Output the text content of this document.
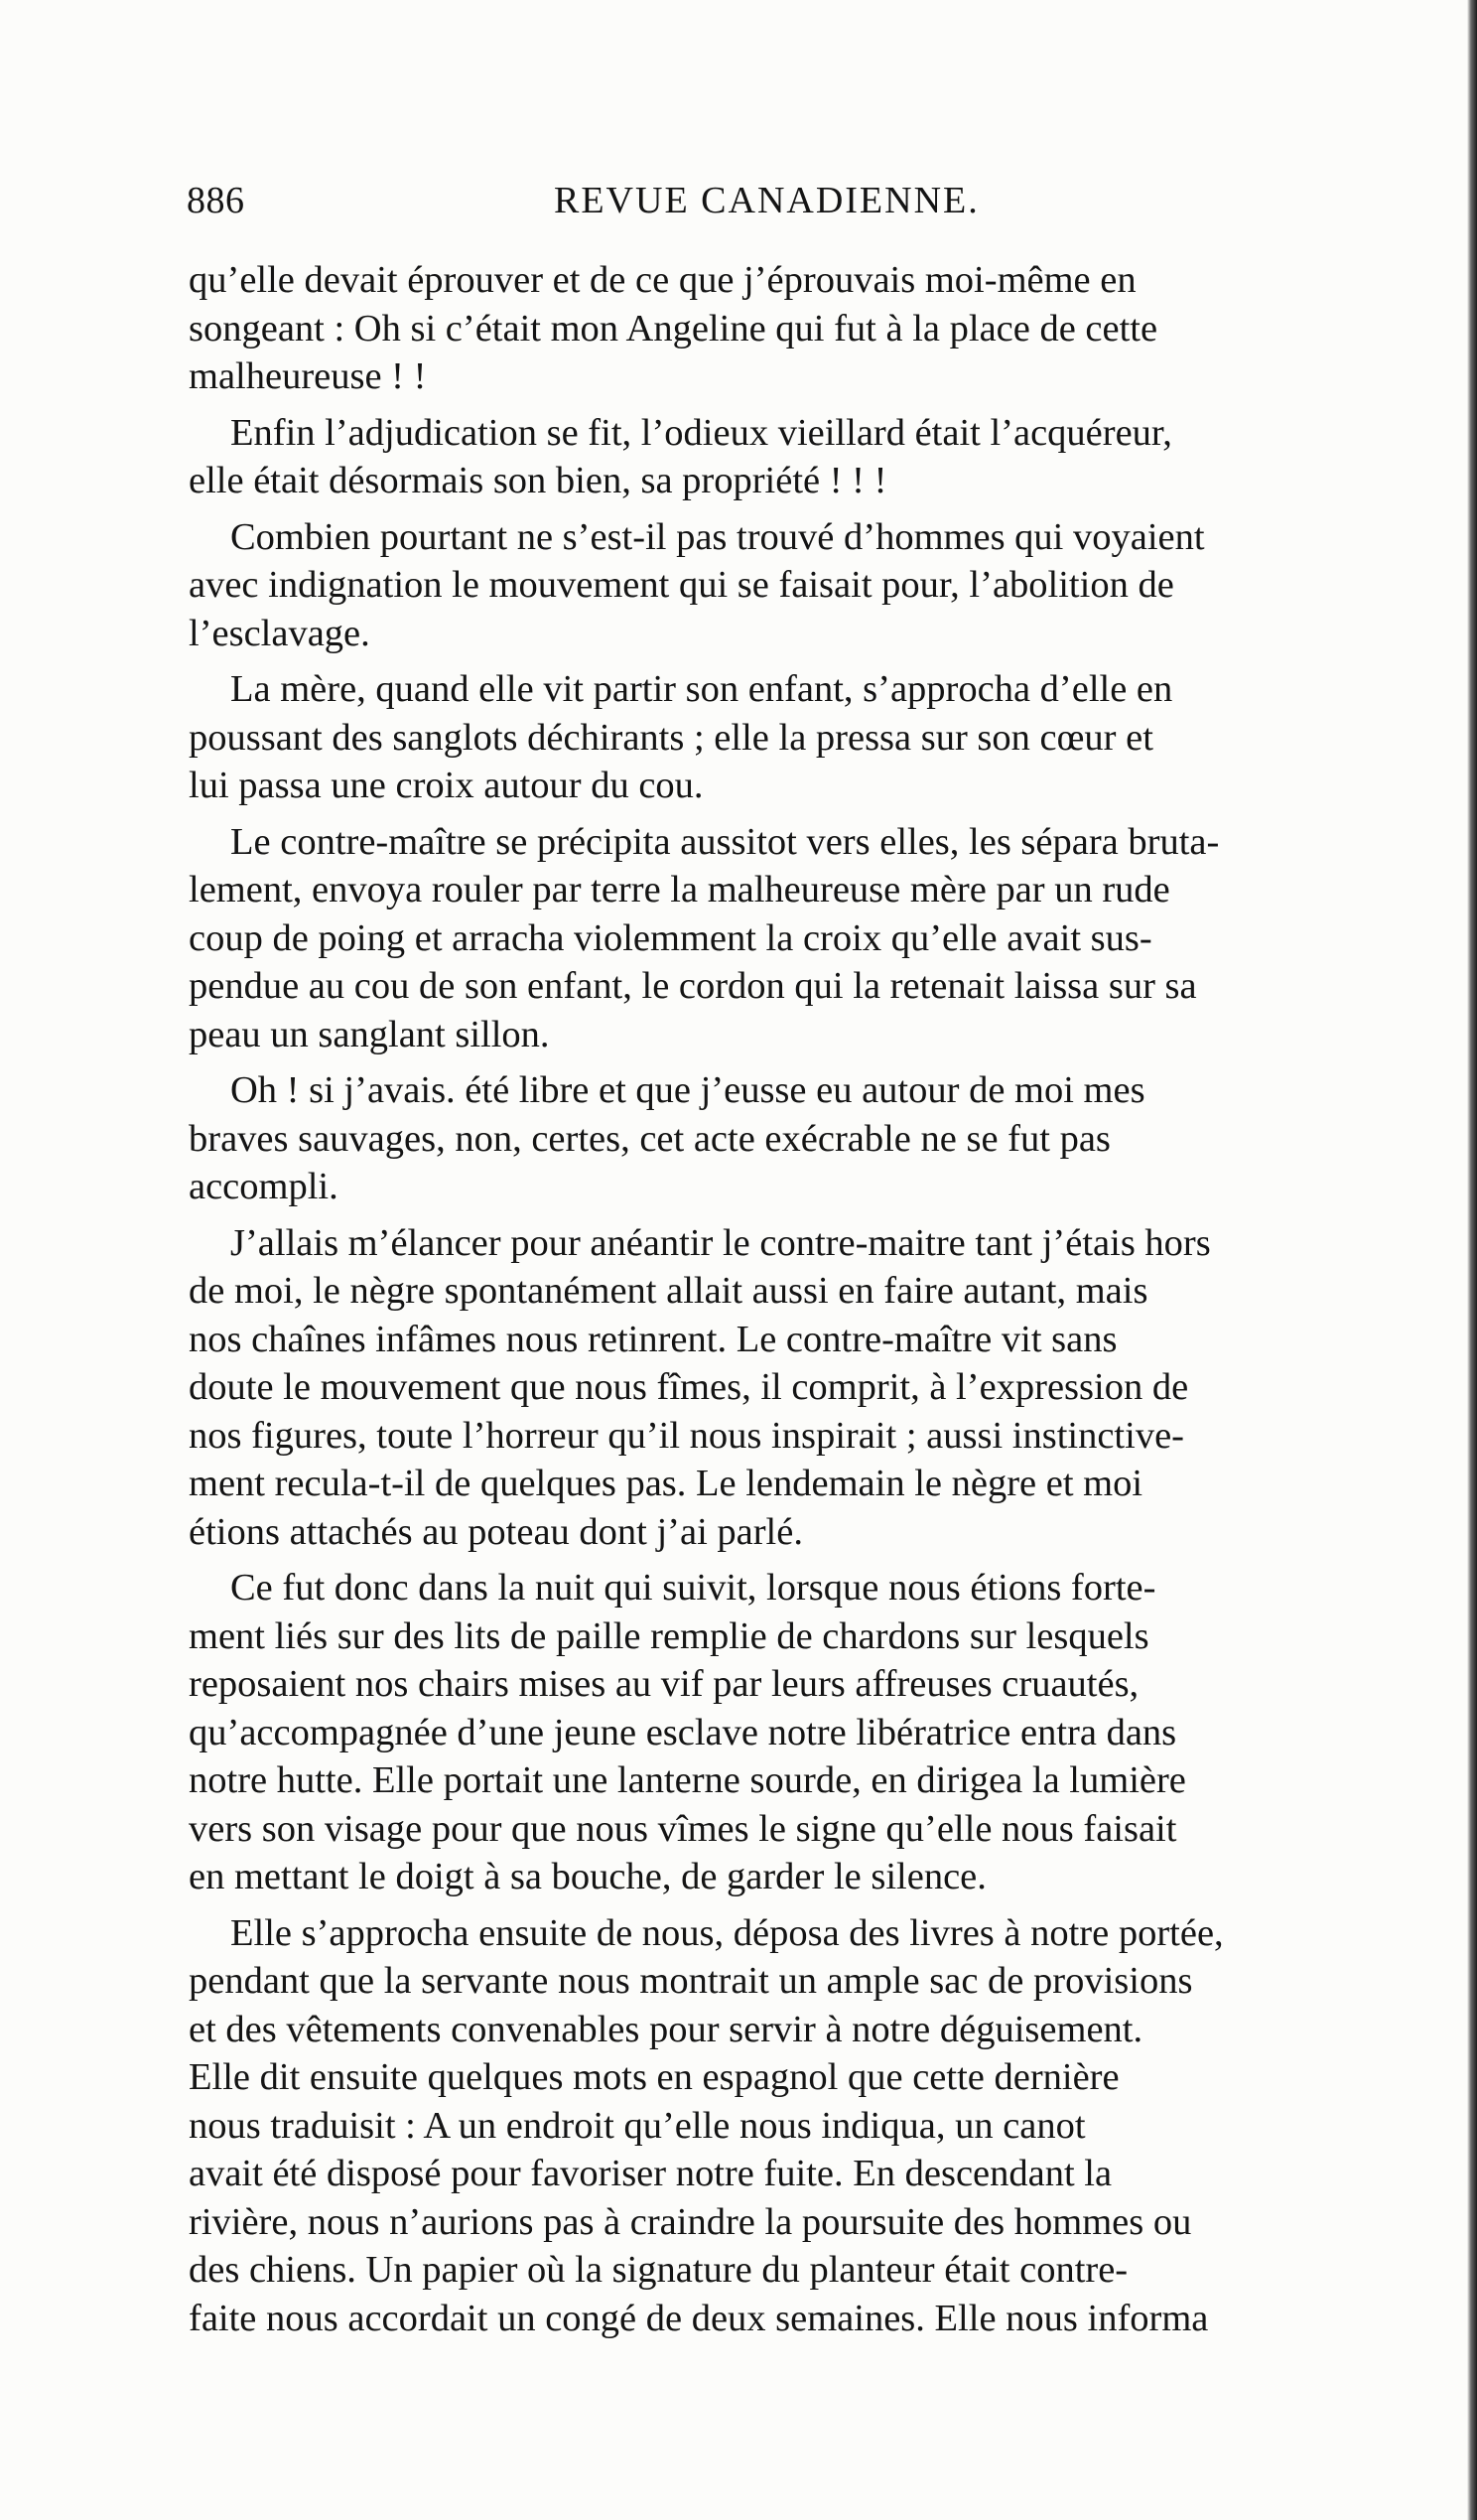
886	REVUE CANADIENNE.

qu’elle devait éprouver et de ce que j’éprouvais moi-même en
songeant : Oh si c’était mon Angeline qui fut à la place de cette
malheureuse ! !

Enfin l’adjudication se fit, l’odieux vieillard était l’acquéreur,
elle était désormais son bien, sa propriété ! ! !

Combien pourtant ne s’est-il pas trouvé d’hommes qui voyaient
avec indignation le mouvement qui se faisait pour, l’abolition de
l’esclavage.

La mère, quand elle vit partir son enfant, s’approcha d’elle en
poussant des sanglots déchirants ; elle la pressa sur son cœur et
lui passa une croix autour du cou.

Le contre-maître se précipita aussitot vers elles, les sépara bruta-
lement, envoya rouler par terre la malheureuse mère par un rude
coup de poing et arracha violemment la croix qu’elle avait sus-
pendue au cou de son enfant, le cordon qui la retenait laissa sur sa
peau un sanglant sillon.

Oh ! si j’avais. été libre et que j’eusse eu autour de moi mes
braves sauvages, non, certes, cet acte exécrable ne se fut pas
accompli.

J’allais m’élancer pour anéantir le contre-maitre tant j’étais hors
de moi, le nègre spontanément allait aussi en faire autant, mais
nos chaînes infâmes nous retinrent. Le contre-maître vit sans
doute le mouvement que nous fîmes, il comprit, à l’expression de
nos figures, toute l’horreur qu’il nous inspirait ; aussi instinctive-
ment recula-t-il de quelques pas. Le lendemain le nègre et moi
étions attachés au poteau dont j’ai parlé.

Ce fut donc dans la nuit qui suivit, lorsque nous étions forte-
ment liés sur des lits de paille remplie de chardons sur lesquels
reposaient nos chairs mises au vif par leurs affreuses cruautés,
qu’accompagnée d’une jeune esclave notre libératrice entra dans
notre hutte. Elle portait une lanterne sourde, en dirigea la lumière
vers son visage pour que nous vîmes le signe qu’elle nous faisait
en mettant le doigt à sa bouche, de garder le silence.

Elle s’approcha ensuite de nous, déposa des livres à notre portée,
pendant que la servante nous montrait un ample sac de provisions
et des vêtements convenables pour servir à notre déguisement.
Elle dit ensuite quelques mots en espagnol que cette dernière
nous traduisit : A un endroit qu’elle nous indiqua, un canot
avait été disposé pour favoriser notre fuite. En descendant la
rivière, nous n’aurions pas à craindre la poursuite des hommes ou
des chiens. Un papier où la signature du planteur était contre-
faite nous accordait un congé de deux semaines. Elle nous informa
